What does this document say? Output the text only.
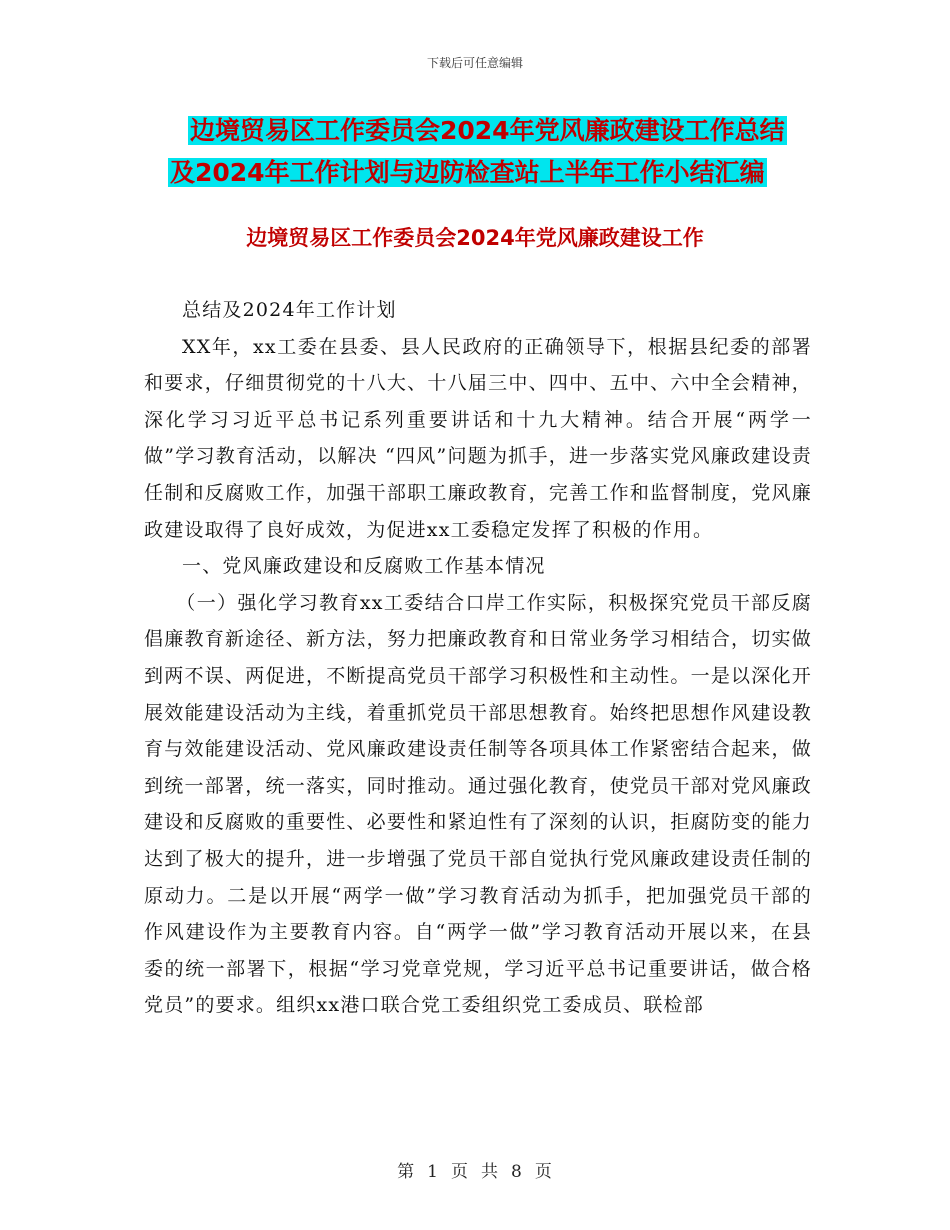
下载后可任意编辑
边境贸易区工作委员会2024年党风廉政建设工作总结
及2024年工作计划与边防检查站上半年工作小结汇编
边境贸易区工作委员会2024年党风廉政建设工作

总结及2024年工作计划

XX年，xx工委在县委、县人民政府的正确领导下，根据县纪委的部署和要求，仔细贯彻党的十八大、十八届三中、四中、五中、六中全会精神，深化学习习近平总书记系列重要讲话和十九大精神。结合开展“两学一做”学习教育活动，以解决 “四风”问题为抓手，进一步落实党风廉政建设责任制和反腐败工作，加强干部职工廉政教育，完善工作和监督制度，党风廉政建设取得了良好成效，为促进xx工委稳定发挥了积极的作用。

一、党风廉政建设和反腐败工作基本情况

（一）强化学习教育xx工委结合口岸工作实际，积极探究党员干部反腐倡廉教育新途径、新方法，努力把廉政教育和日常业务学习相结合，切实做到两不误、两促进，不断提高党员干部学习积极性和主动性。一是以深化开展效能建设活动为主线，着重抓党员干部思想教育。始终把思想作风建设教育与效能建设活动、党风廉政建设责任制等各项具体工作紧密结合起来，做到统一部署，统一落实，同时推动。通过强化教育，使党员干部对党风廉政建设和反腐败的重要性、必要性和紧迫性有了深刻的认识，拒腐防变的能力达到了极大的提升，进一步增强了党员干部自觉执行党风廉政建设责任制的原动力。二是以开展“两学一做”学习教育活动为抓手，把加强党员干部的作风建设作为主要教育内容。自“两学一做”学习教育活动开展以来，在县委的统一部署下，根据“学习党章党规，学习近平总书记重要讲话，做合格党员”的要求。组织xx港口联合党工委组织党工委成员、联检部

第 1 页 共 8 页
